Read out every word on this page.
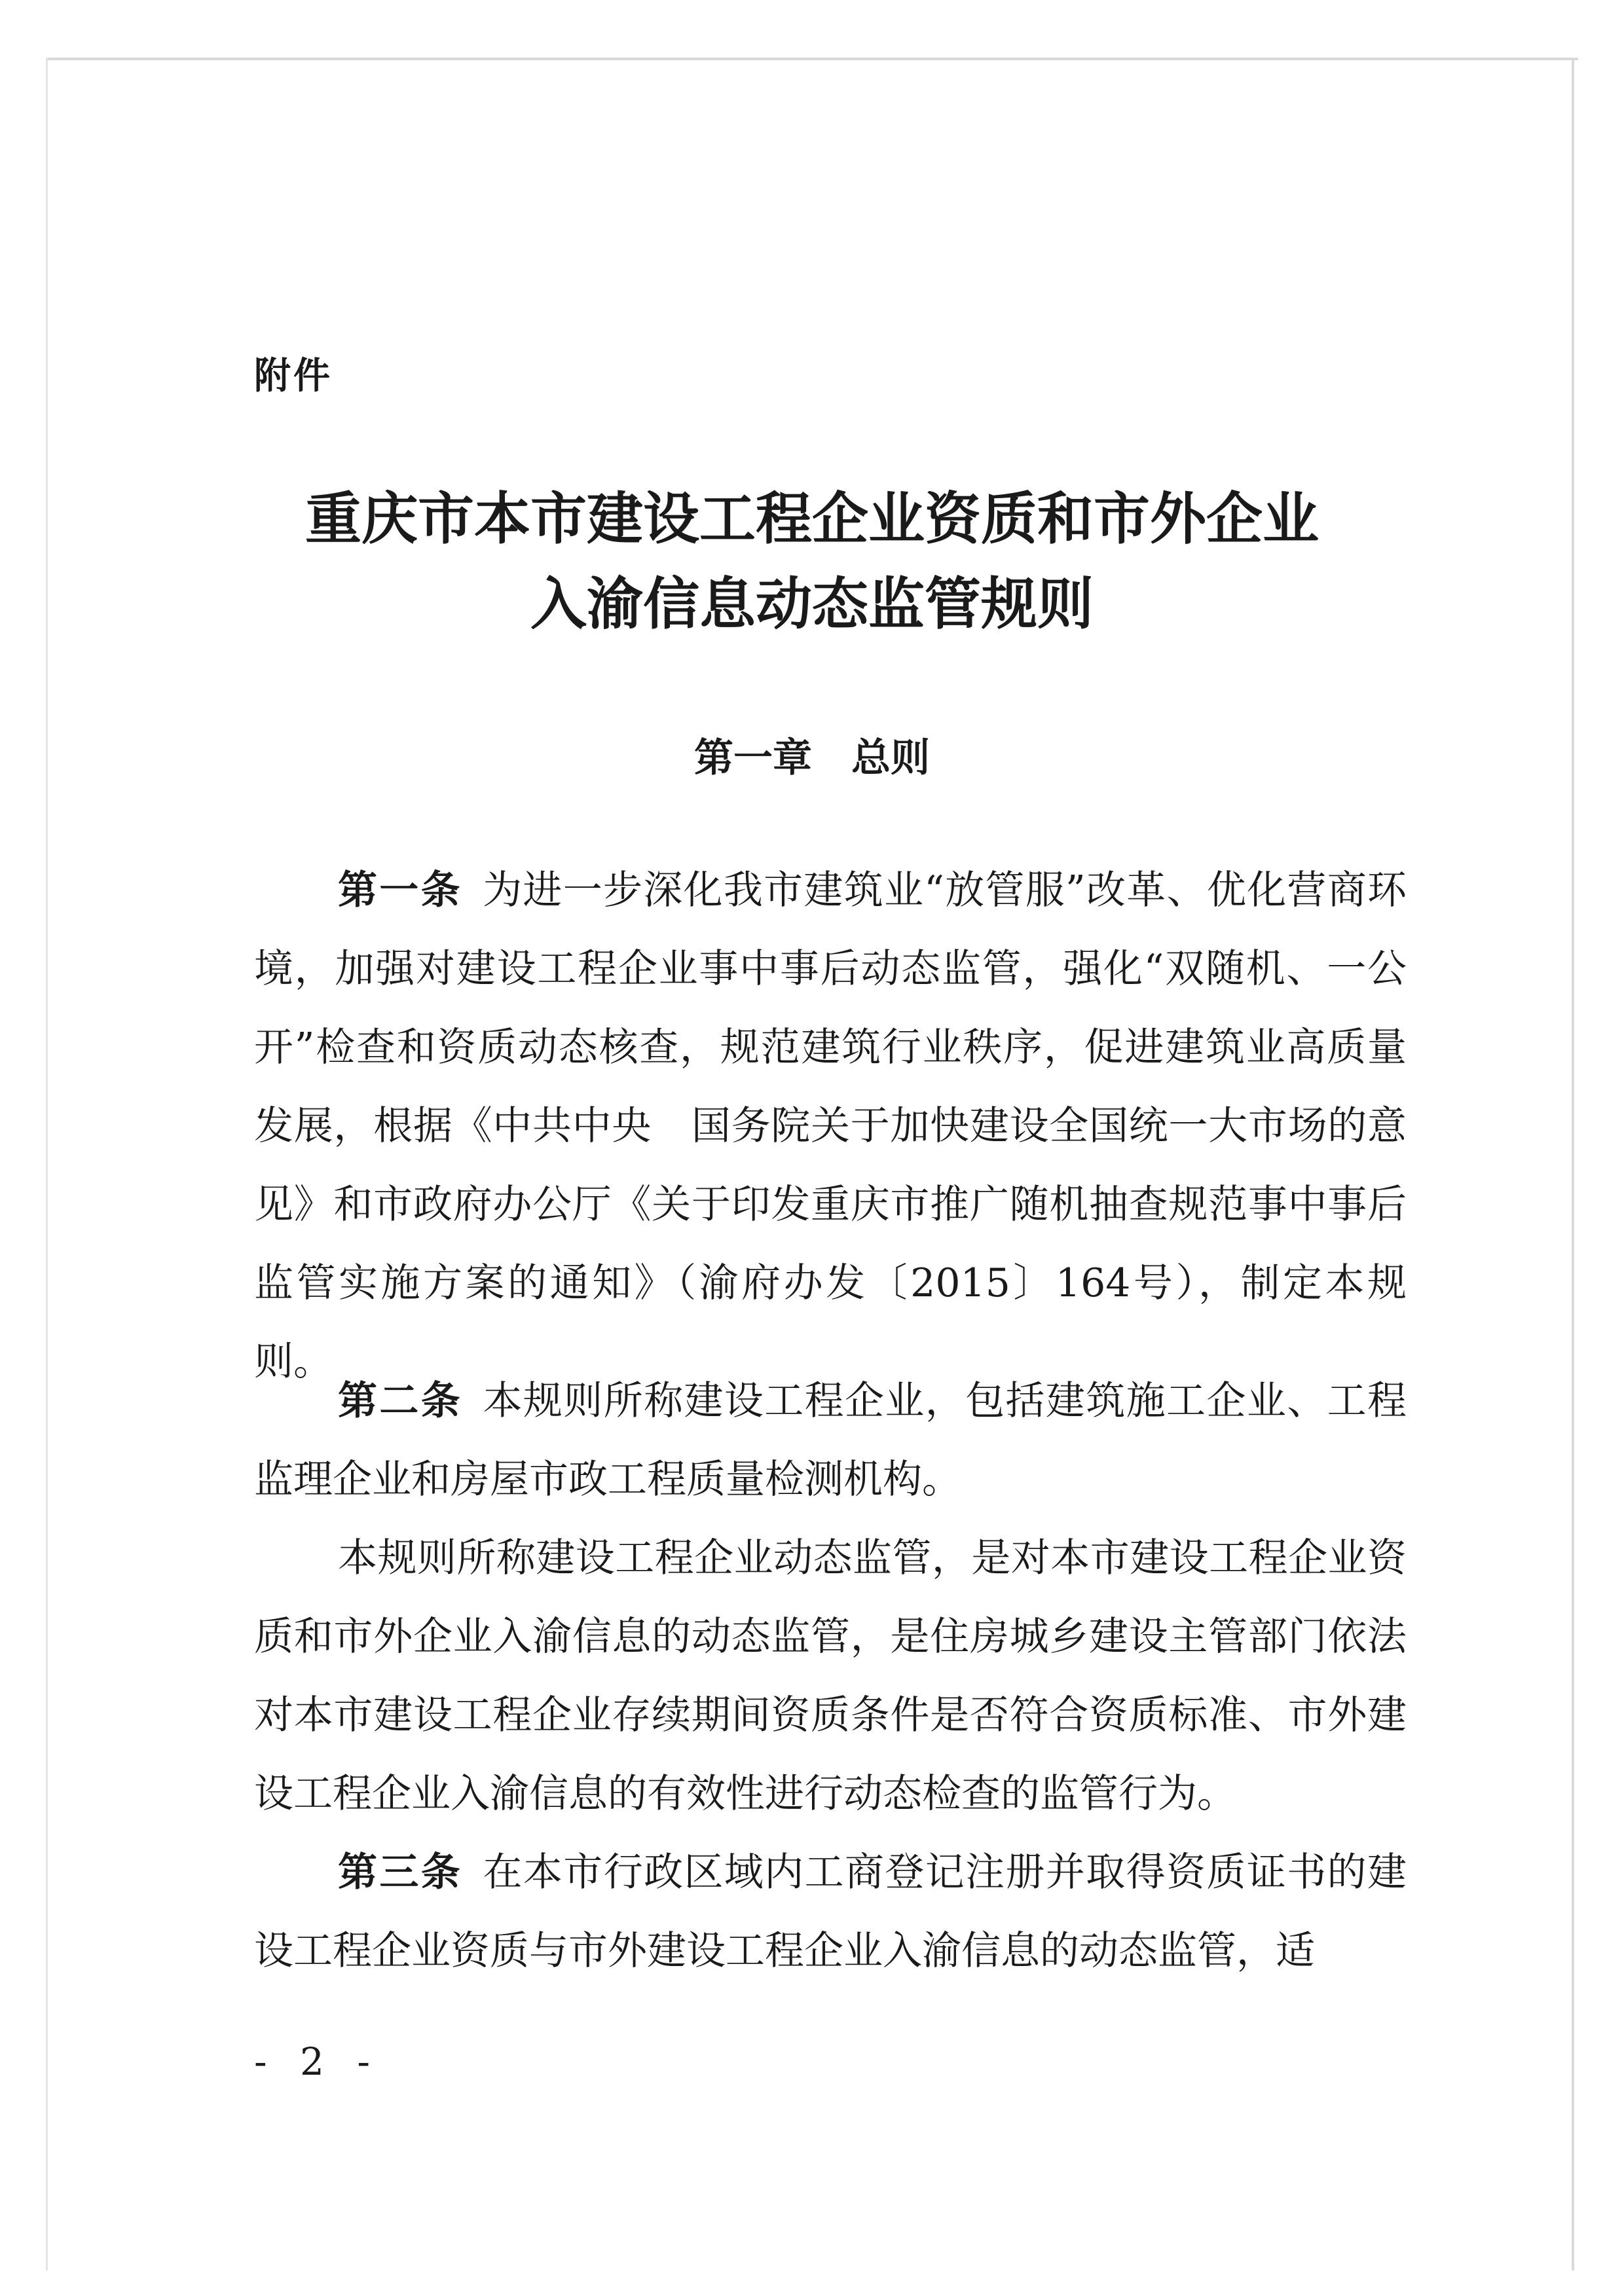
附件
重庆市本市建设工程企业资质和市外企业
入渝信息动态监管规则
第一章　总则
第一条  为进一步深化我市建筑业“放管服”改革、优化营商环境，加强对建设工程企业事中事后动态监管，强化“双随机、一公开”检查和资质动态核查，规范建筑行业秩序，促进建筑业高质量发展，根据《中共中央　国务院关于加快建设全国统一大市场的意见》和市政府办公厅《关于印发重庆市推广随机抽查规范事中事后监管实施方案的通知》（渝府办发〔2015〕164号），制定本规则。
第二条  本规则所称建设工程企业，包括建筑施工企业、工程监理企业和房屋市政工程质量检测机构。
本规则所称建设工程企业动态监管，是对本市建设工程企业资质和市外企业入渝信息的动态监管，是住房城乡建设主管部门依法对本市建设工程企业存续期间资质条件是否符合资质标准、市外建设工程企业入渝信息的有效性进行动态检查的监管行为。
第三条  在本市行政区域内工商登记注册并取得资质证书的建设工程企业资质与市外建设工程企业入渝信息的动态监管，适
- 2 -
